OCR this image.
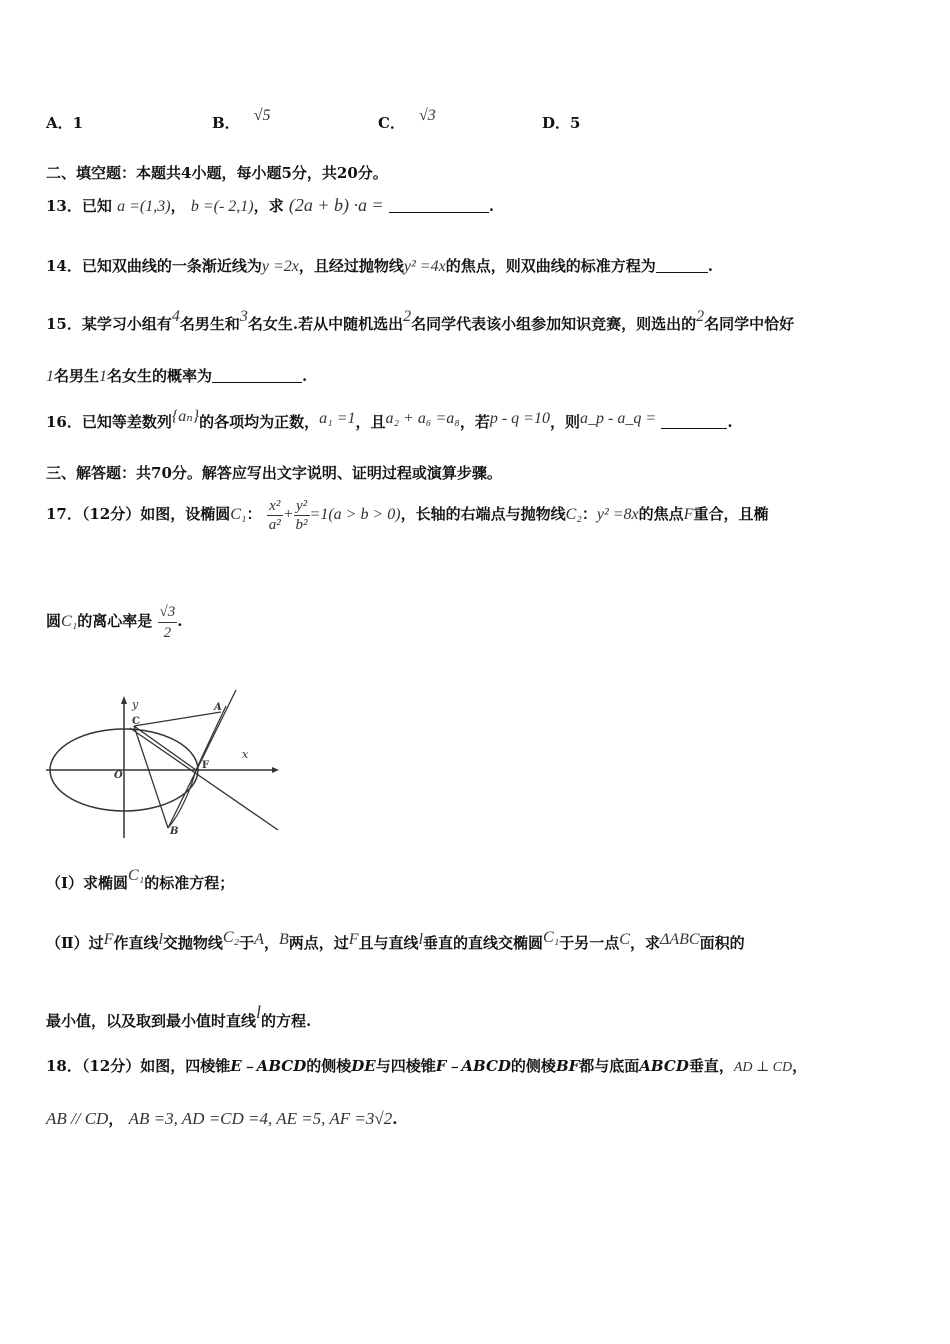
A．1	B． √5	C． √3	D．5
二、填空题：本题共4小题，每小题5分，共20分。
13．已知 a =(1,3)， b =(- 2,1)，求 (2a + b) ·a =	.
14．已知双曲线的一条渐近线为y =2x，且经过抛物线y² =4x的焦点，则双曲线的标准方程为	.
15．某学习小组有4名男生和3名女生.若从中随机选出2名同学代表该小组参加知识竞赛，则选出的2名同学中恰好
1名男生1名女生的概率为	.
16．已知等差数列{aₙ}的各项均为正数，a₁ =1，且a₂ + a₆ =a₈，若p - q =10，则a_p - a_q =	.
三、解答题：共70分。解答应写出文字说明、证明过程或演算步骤。
17．（12分）如图，设椭圆C₁： $\frac{\text{x²}}{\text{a²}} + \frac{\text{y²}}{\text{b²}} =1(a > b > 0)$，长轴的右端点与抛物线C₂：y² =8x的焦点F重合，且椭
圆C₁的离心率是 $\frac{√3}{2}$ .
y
x
C
A
O
F
B
（Ⅰ）求椭圆C₁的标准方程；
（Ⅱ）过F作直线l交抛物线C₂于A，B两点，过F且与直线l垂直的直线交椭圆C₁于另一点C，求ΔABC面积的
最小值，以及取到最小值时直线l的方程.
18．（12分）如图，四棱锥E﹣ABCD的侧棱DE与四棱锥F﹣ABCD的侧棱BF都与底面ABCD垂直，AD ⊥ CD，
AB // CD， AB =3, AD =CD =4, AE =5, AF =3√2.
